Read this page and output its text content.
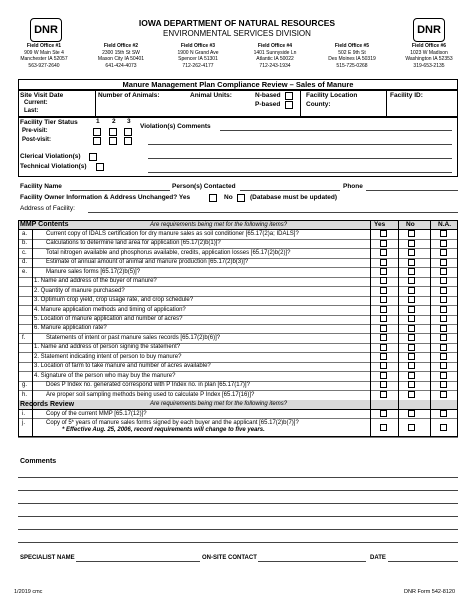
DNR	DNR
IOWA DEPARTMENT OF NATURAL RESOURCES
ENVIRONMENTAL SERVICES DIVISION
Field Office #1
909 W Main Ste 4
Manchester IA 52057
563-927-2640
Field Office #2
2300 15th St SW
Mason City IA 50401
641-424-4073
Field Office #3
1900 N Grand Ave
Spencer IA 51301
712-262-4177
Field Office #4
1401 Sunnyside Ln
Atlantic IA 50022
712-243-1934
Field Office #5
502 E 9th St
Des Moines IA 50319
515-725-0268
Field Office #6
1023 W Madison
Washington IA 52353
319-653-2135
Manure Management Plan Compliance Review – Sales of Manure
Site Visit Date
Current:
Last:
Number of Animals:	Animal Units:	N-based
P-based
Facility Location
County:
Facility ID:
Facility Tier Status	1 2 3
Pre-visit:
Post-visit:
Violation(s) Comments
Clerical Violation(s)
Technical Violation(s)
Facility Name	Person(s) Contacted	Phone
Facility Owner Information & Address Unchanged? Yes	No	(Database must be updated)
Address of Facility:
MMP Contents	Are requirements being met for the following items?	Yes	No	N.A.
a.	Current copy of IDALS certification for dry manure sales as soil conditioner [65.17(2)a; IDALS]?
b.	Calculations to determine land area for application [65.17(2)b(1)]?
c.	Total nitrogen available and phosphorus available, credits, application losses [65.17(2)b(2)]?
d.	Estimate of annual amount of animal and manure production [65.17(2)b(3)]?
e.	Manure sales forms [65.17(2)b(5)]?
1. Name and address of the buyer of manure?
2. Quantity of manure purchased?
3. Optimum crop yield, crop usage rate, and crop schedule?
4. Manure application methods and timing of application?
5. Location of manure application and number of acres?
6. Manure application rate?
f.	Statements of intent or past manure sales records [65.17(2)b(6)]?
1. Name and address of person signing the statement?
2. Statement indicating intent of person to buy manure?
3. Location of farm to take manure and number of acres available?
4. Signature of the person who may buy the manure?
g.	Does P Index no. generated correspond with P Index no. in plan [65.17(17)]?
h.	Are proper soil sampling methods being used to calculate P Index [65.17(16)]?
Records Review	Are requirements being met for the following items?
i.	Copy of the current MMP [65.17(12)]?
j.	Copy of 5* years of manure sales forms signed by each buyer and the applicant [65.17(2)b(7)]?
* Effective Aug. 25, 2006, record requirements will change to five years.
Comments
SPECIALIST NAME	ON-SITE CONTACT	DATE
1/2019 cmc	DNR Form 542-8120
